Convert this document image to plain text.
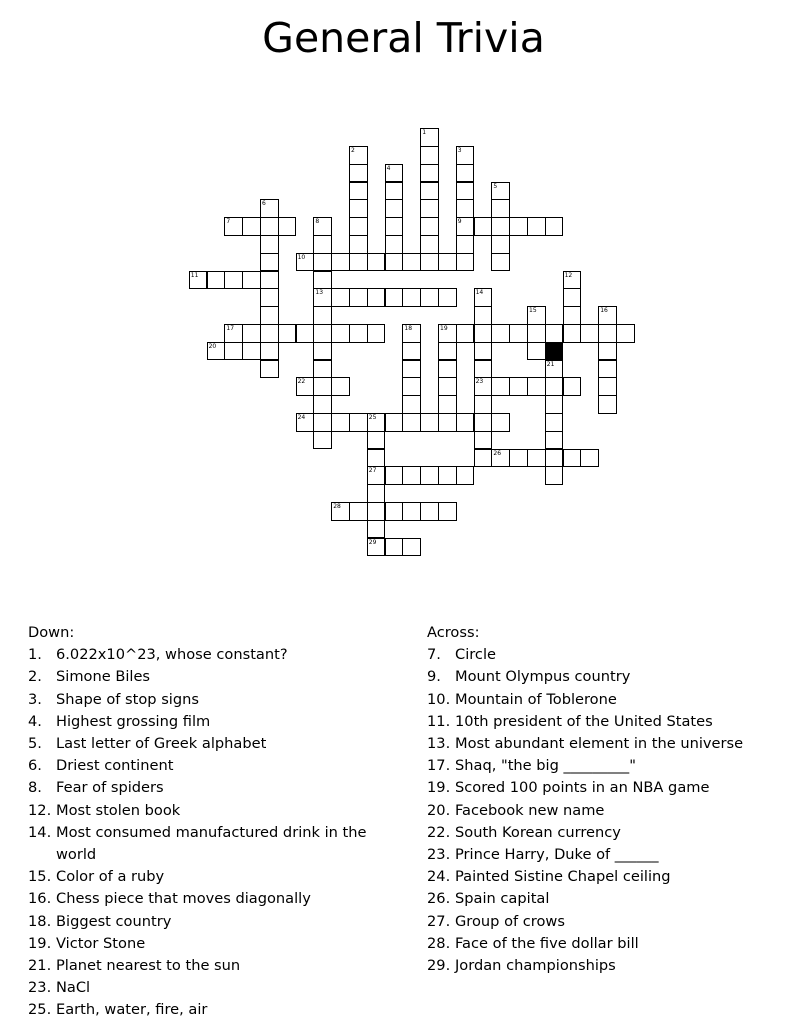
General Trivia
1
2	3
9
4
5
6
7	8
13
10
11	12
14
23
15	16
17	18	19
20
21
22
24	25
27
29
26
28
Down:
1. 6.022x10^23, whose constant?
2. Simone Biles
3. Shape of stop signs
4. Highest grossing film
5. Last letter of Greek alphabet
6. Driest continent
8. Fear of spiders
12. Most stolen book
14. Most consumed manufactured drink in the world
15. Color of a ruby
16. Chess piece that moves diagonally
18. Biggest country
19. Victor Stone
21. Planet nearest to the sun
23. NaCl
25. Earth, water, fire, air
Across:
7. Circle
9. Mount Olympus country
10. Mountain of Toblerone
11. 10th president of the United States
13. Most abundant element in the universe
17. Shaq, "the big _________"
19. Scored 100 points in an NBA game
20. Facebook new name
22. South Korean currency
23. Prince Harry, Duke of ______
24. Painted Sistine Chapel ceiling
26. Spain capital
27. Group of crows
28. Face of the five dollar bill
29. Jordan championships
